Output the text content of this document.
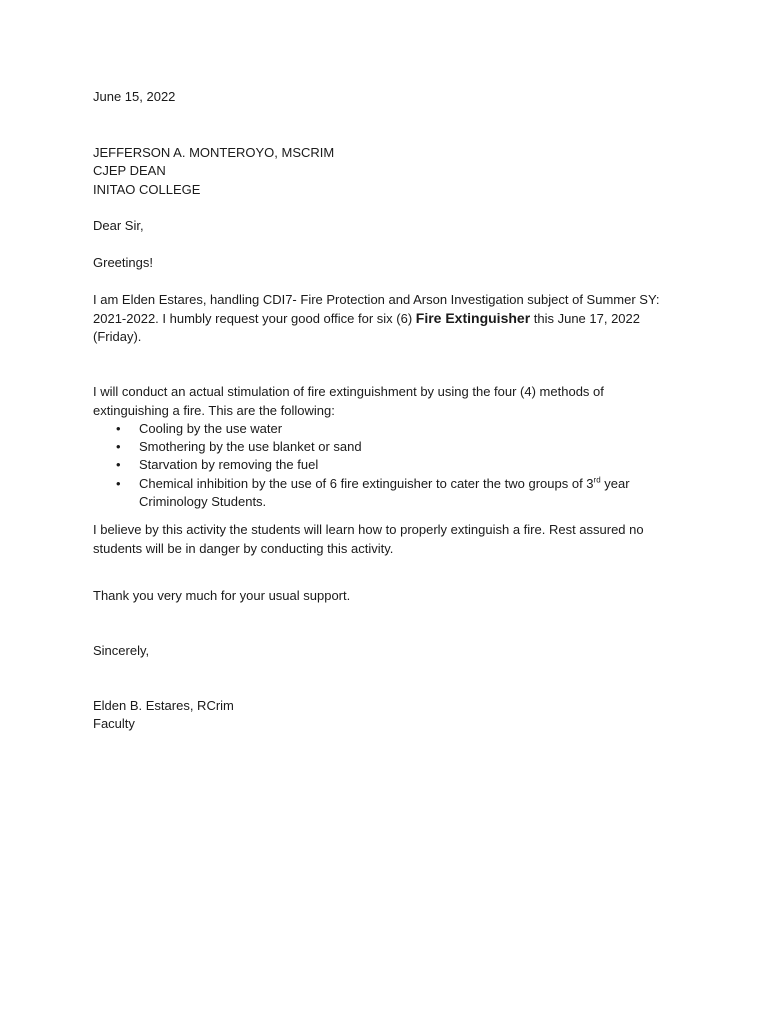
June 15, 2022
JEFFERSON A. MONTEROYO, MSCRIM
CJEP DEAN
INITAO COLLEGE
Dear Sir,
Greetings!
I am Elden Estares, handling CDI7- Fire Protection and Arson Investigation subject of Summer SY:
2021-2022. I humbly request your good office for six (6) Fire Extinguisher this June 17, 2022
(Friday).
I will conduct an actual stimulation of fire extinguishment by using the four (4) methods of
extinguishing a fire. This are the following:
• Cooling by the use water
• Smothering by the use blanket or sand
• Starvation by removing the fuel
• Chemical inhibition by the use of 6 fire extinguisher to cater the two groups of 3rd year
Criminology Students.
I believe by this activity the students will learn how to properly extinguish a fire. Rest assured no
students will be in danger by conducting this activity.
Thank you very much for your usual support.
Sincerely,
Elden B. Estares, RCrim
Faculty
